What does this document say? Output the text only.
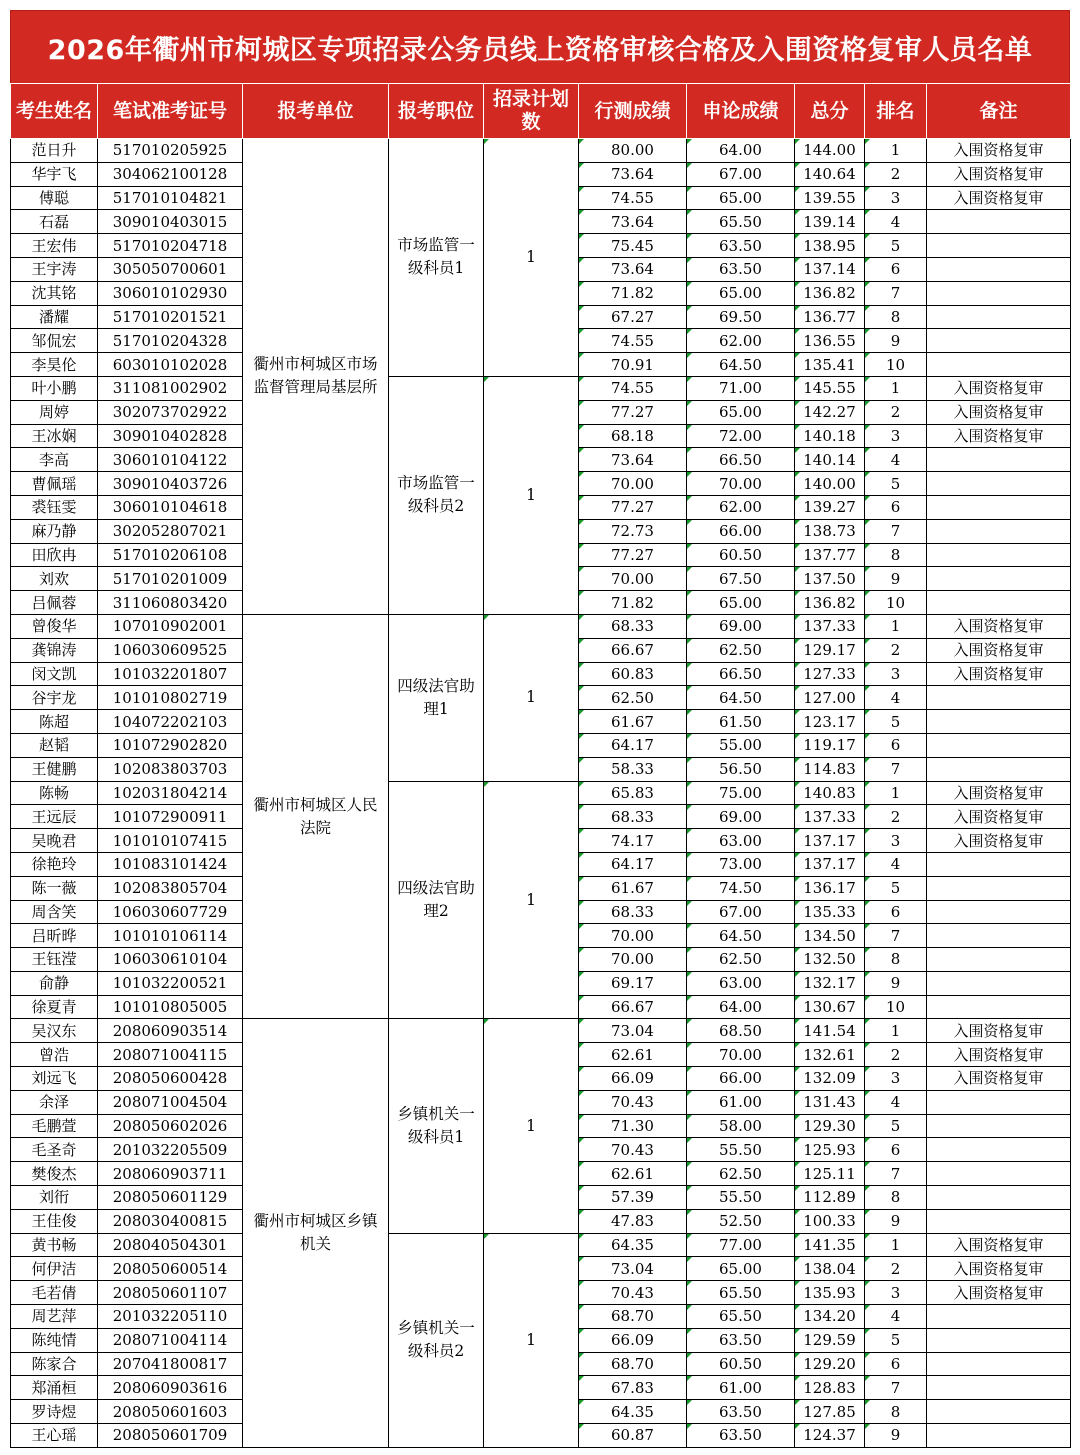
2026年衢州市柯城区专项招录公务员线上资格审核合格及入围资格复审人员名单
考生姓名	笔试准考证号	报考单位	报考职位	招录计划数	行测成绩	申论成绩	总分	排名	备注
范日升	517010205925	衢州市柯城区市场监督管理局基层所	市场监管一级科员1	1	80.00	64.00	144.00	1	入围资格复审
华宇飞	304062100128				73.64	67.00	140.64	2	入围资格复审
傅聪	517010104821				74.55	65.00	139.55	3	入围资格复审
石磊	309010403015				73.64	65.50	139.14	4	
王宏伟	517010204718				75.45	63.50	138.95	5	
王宇涛	305050700601				73.64	63.50	137.14	6	
沈其铭	306010102930				71.82	65.00	136.82	7	
潘耀	517010201521				67.27	69.50	136.77	8	
邹侃宏	517010204328				74.55	62.00	136.55	9	
李昊伦	603010102028				70.91	64.50	135.41	10	
叶小鹏	311081002902		市场监管一级科员2	1	74.55	71.00	145.55	1	入围资格复审
周婷	302073702922				77.27	65.00	142.27	2	入围资格复审
王冰娴	309010402828				68.18	72.00	140.18	3	入围资格复审
李高	306010104122				73.64	66.50	140.14	4	
曹佩瑶	309010403726				70.00	70.00	140.00	5	
裘钰雯	306010104618				77.27	62.00	139.27	6	
麻乃静	302052807021				72.73	66.00	138.73	7	
田欣冉	517010206108				77.27	60.50	137.77	8	
刘欢	517010201009				70.00	67.50	137.50	9	
吕佩蓉	311060803420				71.82	65.00	136.82	10	
曾俊华	107010902001	衢州市柯城区人民法院	四级法官助理1	1	68.33	69.00	137.33	1	入围资格复审
龚锦涛	106030609525				66.67	62.50	129.17	2	入围资格复审
闵文凯	101032201807				60.83	66.50	127.33	3	入围资格复审
谷宇龙	101010802719				62.50	64.50	127.00	4	
陈超	104072202103				61.67	61.50	123.17	5	
赵韬	101072902820				64.17	55.00	119.17	6	
王健鹏	102083803703				58.33	56.50	114.83	7	
陈畅	102031804214		四级法官助理2	1	65.83	75.00	140.83	1	入围资格复审
王远辰	101072900911				68.33	69.00	137.33	2	入围资格复审
吴晚君	101010107415				74.17	63.00	137.17	3	入围资格复审
徐艳玲	101083101424				64.17	73.00	137.17	4	
陈一薇	102083805704				61.67	74.50	136.17	5	
周含笑	106030607729				68.33	67.00	135.33	6	
吕昕晔	101010106114				70.00	64.50	134.50	7	
王钰滢	106030610104				70.00	62.50	132.50	8	
俞静	101032200521				69.17	63.00	132.17	9	
徐夏青	101010805005				66.67	64.00	130.67	10	
吴汉东	208060903514	衢州市柯城区乡镇机关	乡镇机关一级科员1	1	73.04	68.50	141.54	1	入围资格复审
曾浩	208071004115				62.61	70.00	132.61	2	入围资格复审
刘远飞	208050600428				66.09	66.00	132.09	3	入围资格复审
余泽	208071004504				70.43	61.00	131.43	4	
毛鹏萱	208050602026				71.30	58.00	129.30	5	
毛圣奇	201032205509				70.43	55.50	125.93	6	
樊俊杰	208060903711				62.61	62.50	125.11	7	
刘衎	208050601129				57.39	55.50	112.89	8	
王佳俊	208030400815				47.83	52.50	100.33	9	
黄书畅	208040504301		乡镇机关一级科员2	1	64.35	77.00	141.35	1	入围资格复审
何伊洁	208050600514				73.04	65.00	138.04	2	入围资格复审
毛若倩	208050601107				70.43	65.50	135.93	3	入围资格复审
周艺萍	201032205110				68.70	65.50	134.20	4	
陈纯情	208071004114				66.09	63.50	129.59	5	
陈家合	207041800817				68.70	60.50	129.20	6	
郑涌桓	208060903616				67.83	61.00	128.83	7	
罗诗煜	208050601603				64.35	63.50	127.85	8	
王心瑶	208050601709				60.87	63.50	124.37	9	
